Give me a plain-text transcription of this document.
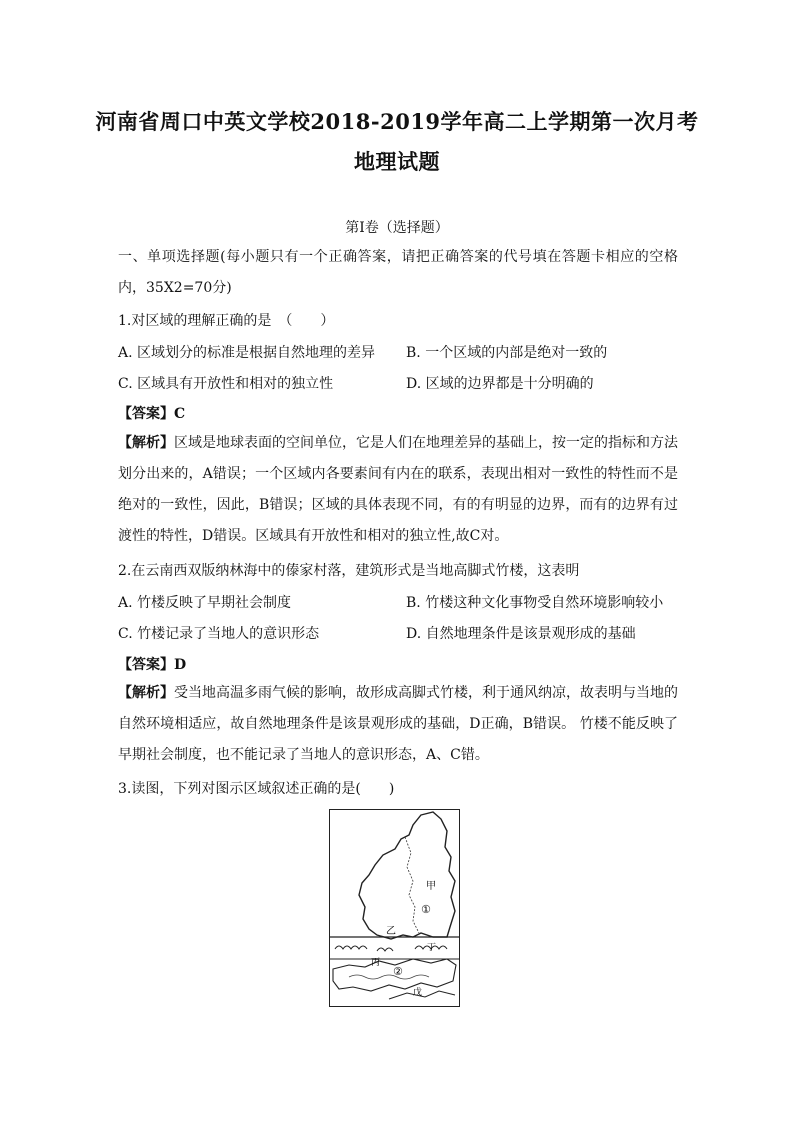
河南省周口中英文学校2018-2019学年高二上学期第一次月考
地理试题
第Ⅰ卷（选择题）
一、单项选择题(每小题只有一个正确答案，请把正确答案的代号填在答题卡相应的空格内，35X2=70分)
1.对区域的理解正确的是　（　　）
A. 区域划分的标准是根据自然地理的差异 B. 一个区域的内部是绝对一致的
C. 区域具有开放性和相对的独立性	D. 区域的边界都是十分明确的
【答案】C
【解析】区域是地球表面的空间单位，它是人们在地理差异的基础上，按一定的指标和方法划分出来的，A错误；一个区域内各要素间有内在的联系，表现出相对一致性的特性而不是绝对的一致性，因此，B错误；区域的具体表现不同，有的有明显的边界，而有的边界有过渡性的特性，D错误。区域具有开放性和相对的独立性,故C对。
2.在云南西双版纳林海中的傣家村落，建筑形式是当地高脚式竹楼，这表明
A. 竹楼反映了早期社会制度	B. 竹楼这种文化事物受自然环境影响较小
C. 竹楼记录了当地人的意识形态	D. 自然地理条件是该景观形成的基础
【答案】D
【解析】受当地高温多雨气候的影响，故形成高脚式竹楼，利于通风纳凉，故表明与当地的自然环境相适应，故自然地理条件是该景观形成的基础，D正确，B错误。 竹楼不能反映了早期社会制度，也不能记录了当地人的意识形态，A、C错。
3.读图，下列对图示区域叙述正确的是(　　)
甲
①
乙
丁
丙
②
戊
